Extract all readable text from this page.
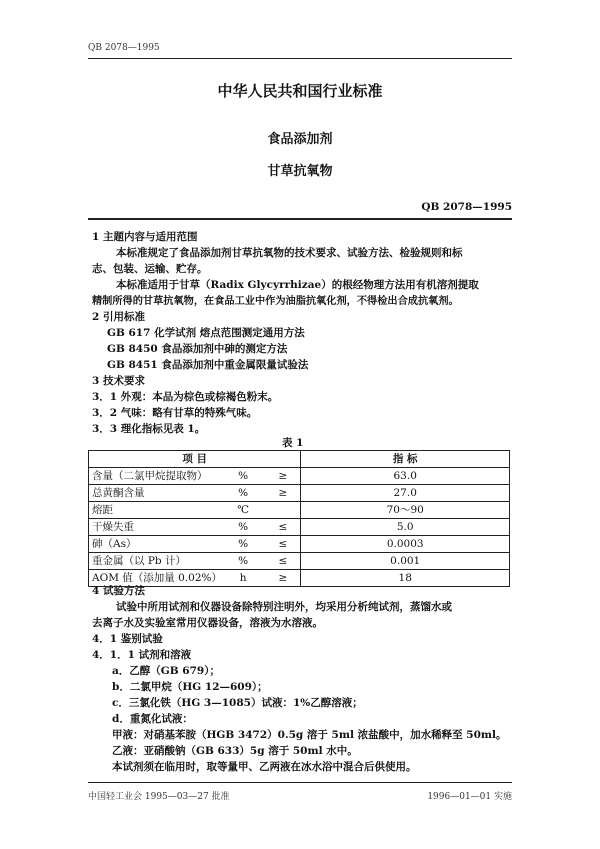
QB 2078—1995
中华人民共和国行业标准
食品添加剂
甘草抗氧物
QB 2078—1995
1 主题内容与适用范围
本标准规定了食品添加剂甘草抗氧物的技术要求、试验方法、检验规则和标
志、包装、运输、贮存。
本标准适用于甘草（Radix Glycyrrhizae）的根经物理方法用有机溶剂提取
精制所得的甘草抗氧物，在食品工业中作为油脂抗氧化剂，不得检出合成抗氧剂。
2 引用标准
GB 617 化学试剂 熔点范围测定通用方法
GB 8450 食品添加剂中砷的测定方法
GB 8451 食品添加剂中重金属限量试验法
3 技术要求
3．1 外观：本品为棕色或棕褐色粉末。
3．2 气味：略有甘草的特殊气味。
3．3 理化指标见表 1。
表 1
项 目			指 标
含量（二氯甲烷提取物）	%	≥	63.0
总黄酮含量	%	≥	27.0
熔距	℃		70～90
干燥失重	%	≤	5.0
砷（As）	%	≤	0.0003
重金属（以 Pb 计）	%	≤	0.001
AOM 值（添加量 0.02%）	h	≥	18
4 试验方法
试验中所用试剂和仪器设备除特别注明外，均采用分析纯试剂，蒸馏水或
去离子水及实验室常用仪器设备，溶液为水溶液。
4．1 鉴别试验
4．1．1 试剂和溶液
a．乙醇（GB 679）；
b．二氯甲烷（HG 12—609）；
c．三氯化铁（HG 3—1085）试液：1%乙醇溶液；
d．重氮化试液：
甲液：对硝基苯胺（HGB 3472）0.5g 溶于 5ml 浓盐酸中，加水稀释至 50ml。
乙液：亚硝酸钠（GB 633）5g 溶于 50ml 水中。
本试剂须在临用时，取等量甲、乙两液在冰水浴中混合后供使用。
中国轻工业会 1995—03—27 批准	1996—01—01 实施
